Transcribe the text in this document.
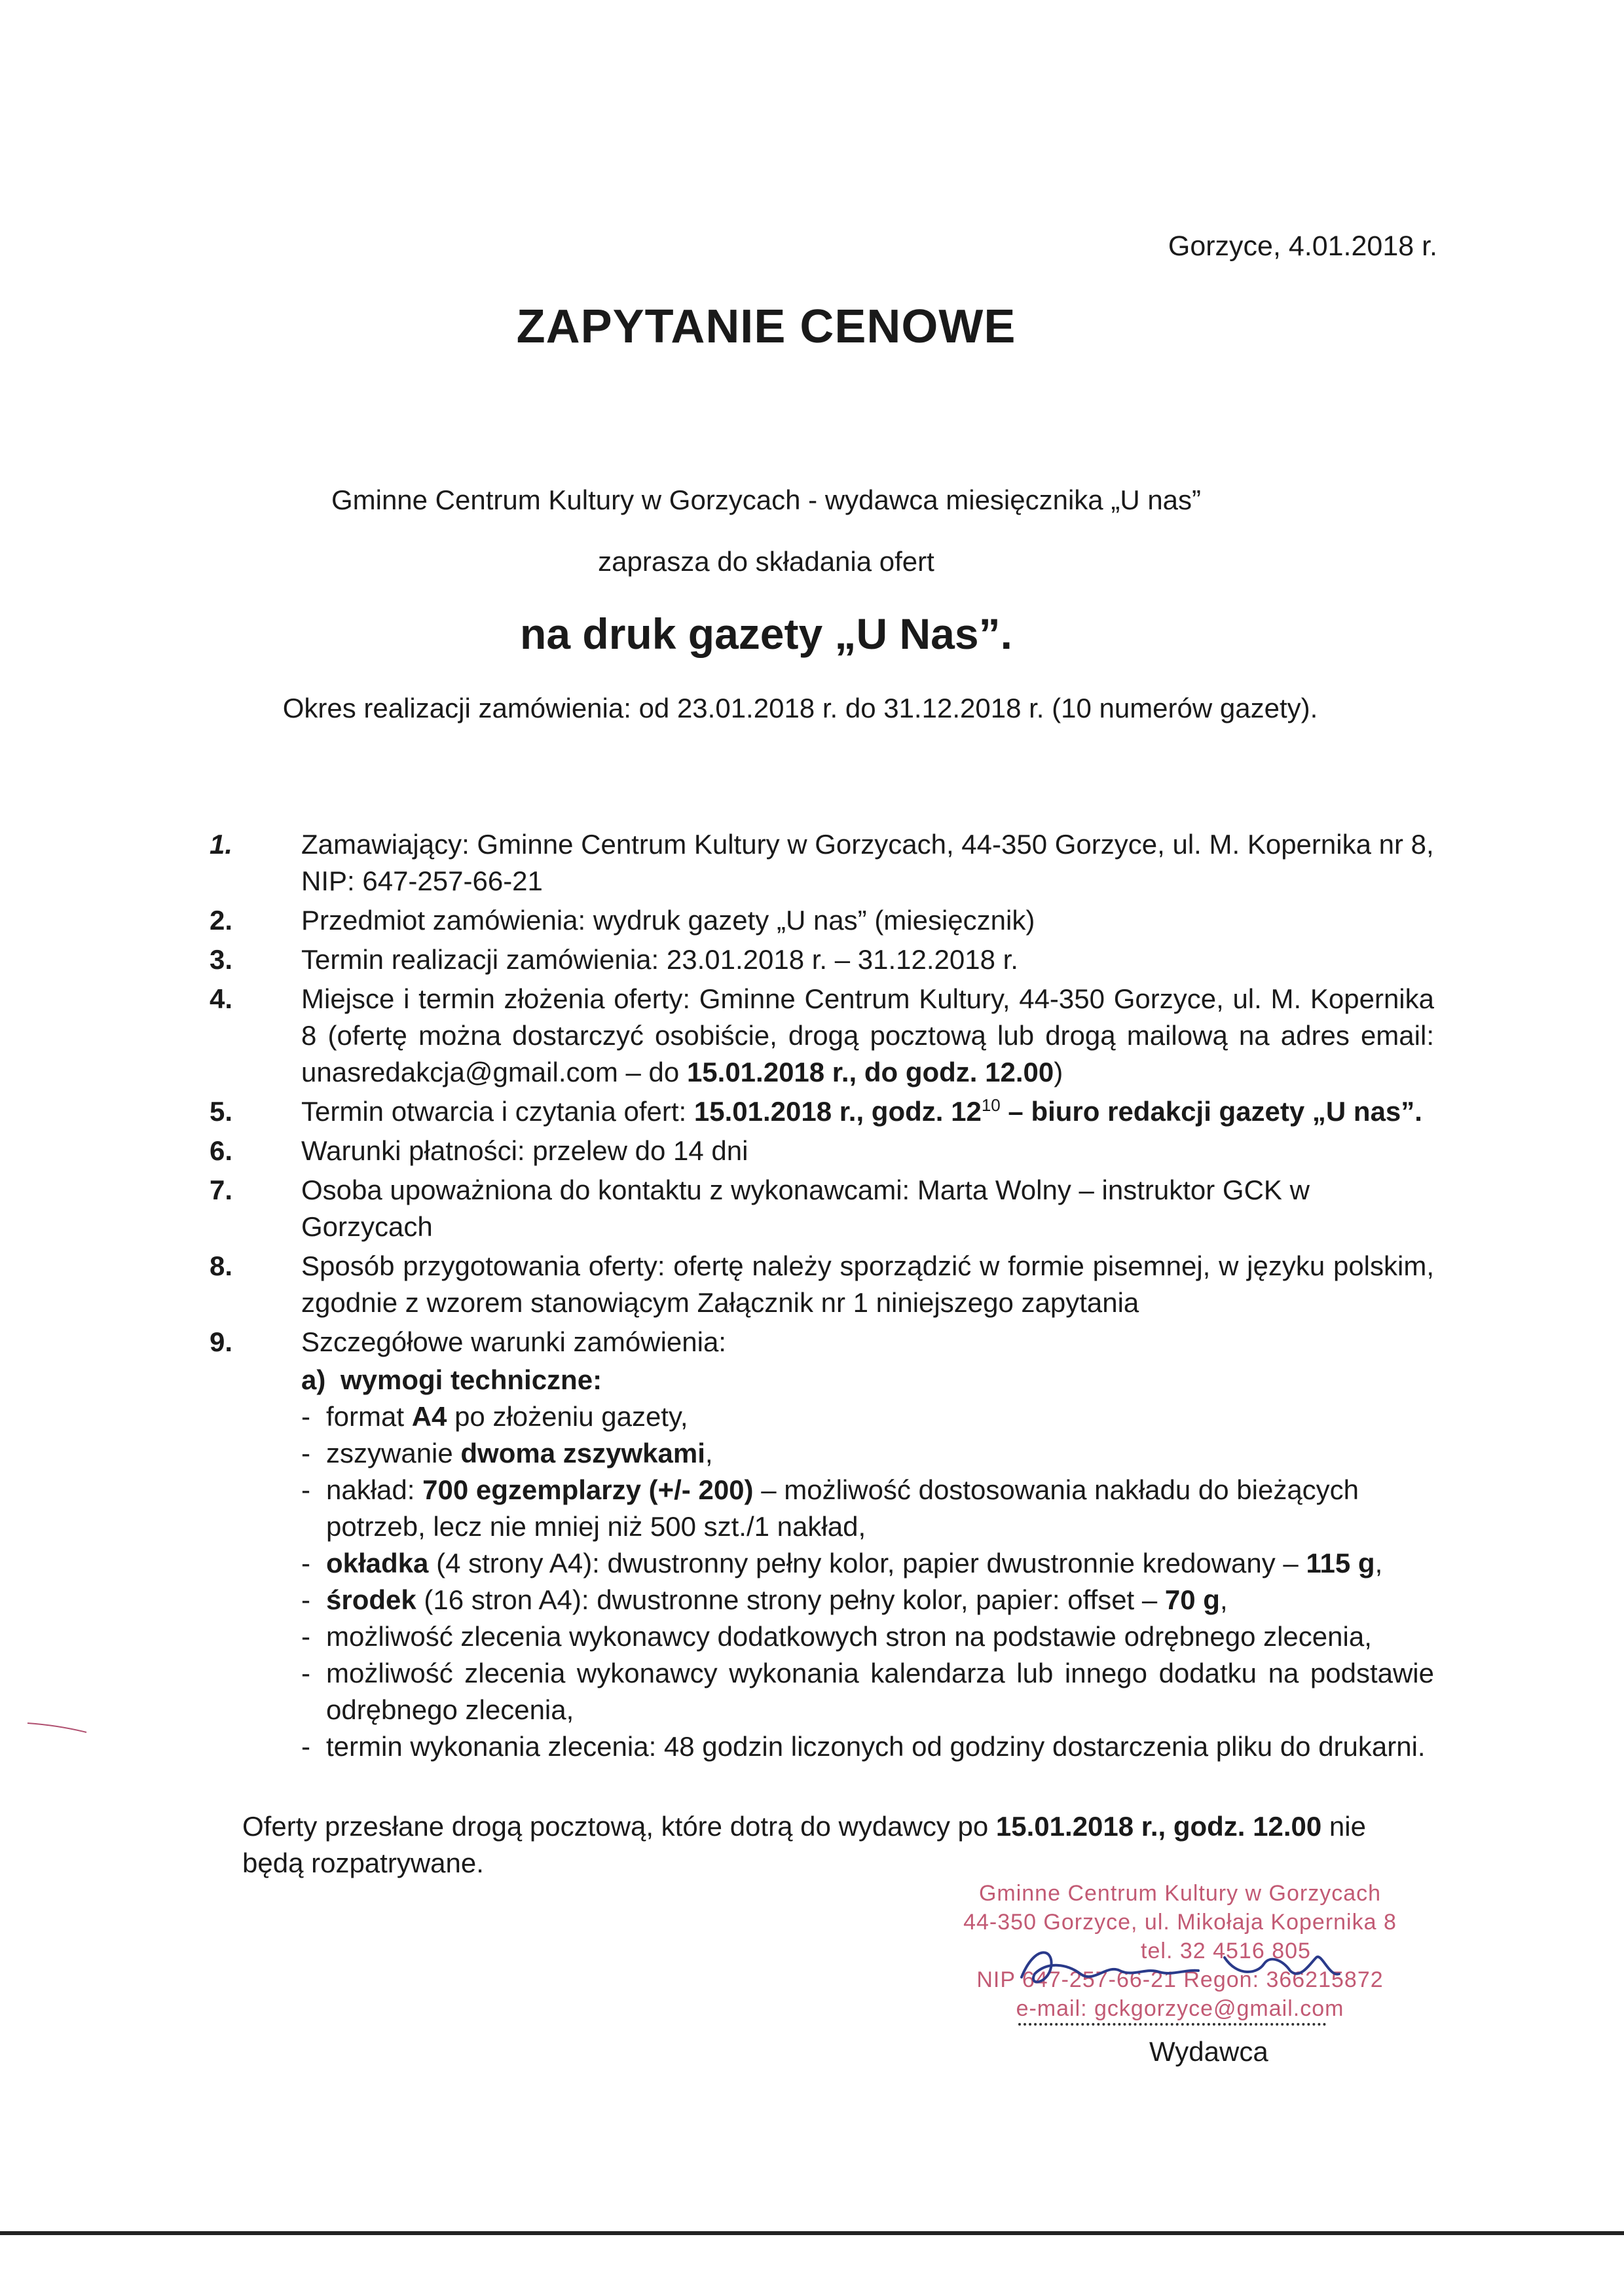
Gorzyce, 4.01.2018 r.
ZAPYTANIE CENOWE
Gminne Centrum Kultury w Gorzycach - wydawca miesięcznika „U nas”
zaprasza do składania ofert
na druk gazety „U Nas”.
Okres realizacji zamówienia: od 23.01.2018 r. do 31.12.2018 r. (10 numerów gazety).
1.	Zamawiający: Gminne Centrum Kultury w Gorzycach, 44-350 Gorzyce, ul. M. Kopernika nr 8,
NIP: 647-257-66-21
2.	Przedmiot zamówienia: wydruk gazety „U nas” (miesięcznik)
3.	Termin realizacji zamówienia: 23.01.2018 r. – 31.12.2018 r.
4.	Miejsce i termin złożenia oferty: Gminne Centrum Kultury, 44-350 Gorzyce, ul. M. Kopernika 8 (ofertę można dostarczyć osobiście, drogą pocztową lub drogą mailową na adres email: unasredakcja@gmail.com – do 15.01.2018 r., do godz. 12.00)
5.	Termin otwarcia i czytania ofert: 15.01.2018 r., godz. $12^{10}$ – biuro redakcji gazety „U nas”.
6.	Warunki płatności: przelew do 14 dni
7.	Osoba upoważniona do kontaktu z wykonawcami: Marta Wolny – instruktor GCK w Gorzycach
8.	Sposób przygotowania oferty: ofertę należy sporządzić w formie pisemnej, w języku polskim, zgodnie z wzorem stanowiącym Załącznik nr 1 niniejszego zapytania
9.	Szczegółowe warunki zamówienia:
a) wymogi techniczne:
- format A4 po złożeniu gazety,
- zszywanie dwoma zszywkami,
- nakład: 700 egzemplarzy (+/- 200) – możliwość dostosowania nakładu do bieżących potrzeb, lecz nie mniej niż 500 szt./1 nakład,
- okładka (4 strony A4): dwustronny pełny kolor, papier dwustronnie kredowany – 115 g,
- środek (16 stron A4): dwustronne strony pełny kolor, papier: offset – 70 g,
- możliwość zlecenia wykonawcy dodatkowych stron na podstawie odrębnego zlecenia,
- możliwość zlecenia wykonawcy wykonania kalendarza lub innego dodatku na podstawie odrębnego zlecenia,
- termin wykonania zlecenia: 48 godzin liczonych od godziny dostarczenia pliku do drukarni.
Oferty przesłane drogą pocztową, które dotrą do wydawcy po 15.01.2018 r., godz. 12.00 nie będą rozpatrywane.
Gminne Centrum Kultury w Gorzycach
44-350 Gorzyce, ul. Mikołaja Kopernika 8
tel. 32 4516 805
NIP 647-257-66-21 Regon: 366215872
e-mail: gckgorzyce@gmail.com
Wydawca
